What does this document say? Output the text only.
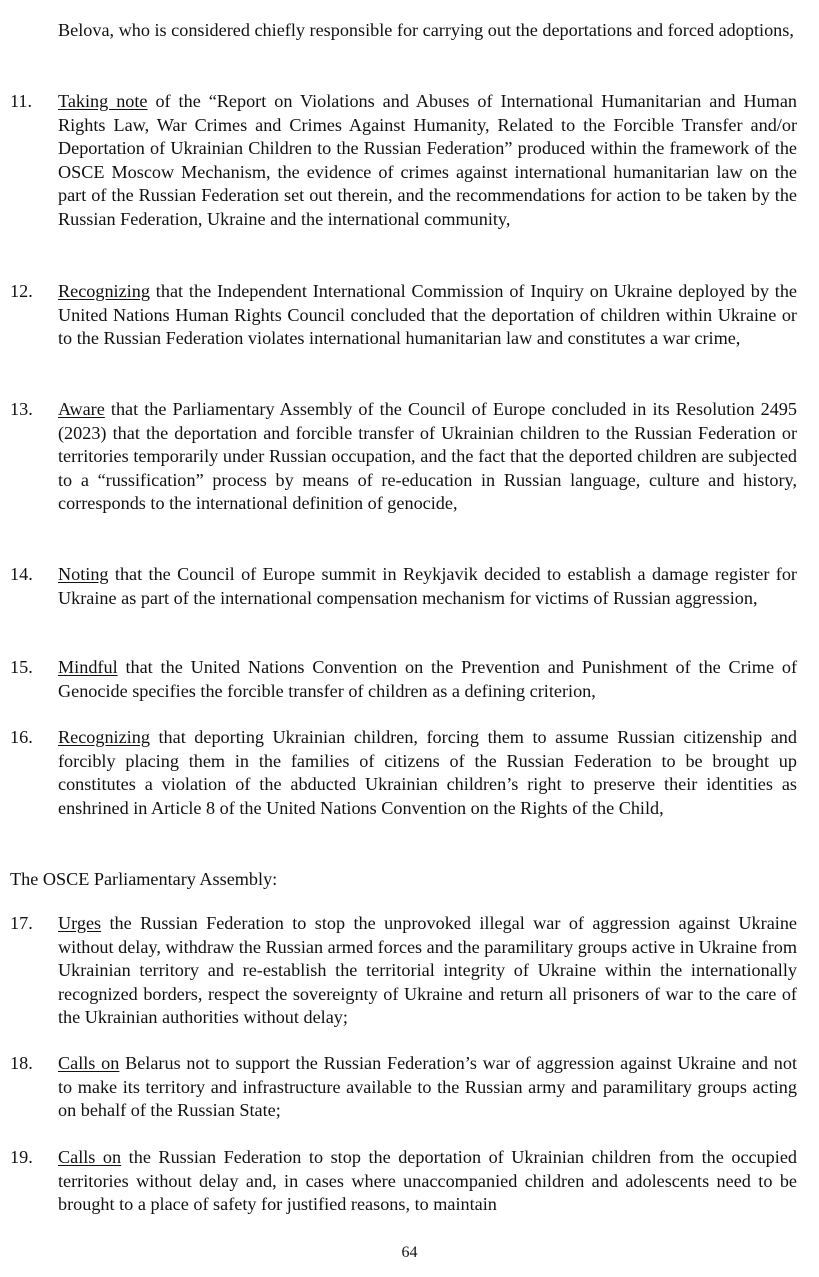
Belova, who is considered chiefly responsible for carrying out the deportations and forced adoptions,
11.	Taking note of the “Report on Violations and Abuses of International Humanitarian and Human Rights Law, War Crimes and Crimes Against Humanity, Related to the Forcible Transfer and/or Deportation of Ukrainian Children to the Russian Federation” produced within the framework of the OSCE Moscow Mechanism, the evidence of crimes against international humanitarian law on the part of the Russian Federation set out therein, and the recommendations for action to be taken by the Russian Federation, Ukraine and the international community,
12.	Recognizing that the Independent International Commission of Inquiry on Ukraine deployed by the United Nations Human Rights Council concluded that the deportation of children within Ukraine or to the Russian Federation violates international humanitarian law and constitutes a war crime,
13.	Aware that the Parliamentary Assembly of the Council of Europe concluded in its Resolution 2495 (2023) that the deportation and forcible transfer of Ukrainian children to the Russian Federation or territories temporarily under Russian occupation, and the fact that the deported children are subjected to a “russification” process by means of re-education in Russian language, culture and history, corresponds to the international definition of genocide,
14.	Noting that the Council of Europe summit in Reykjavik decided to establish a damage register for Ukraine as part of the international compensation mechanism for victims of Russian aggression,
15.	Mindful that the United Nations Convention on the Prevention and Punishment of the Crime of Genocide specifies the forcible transfer of children as a defining criterion,
16.	Recognizing that deporting Ukrainian children, forcing them to assume Russian citizenship and forcibly placing them in the families of citizens of the Russian Federation to be brought up constitutes a violation of the abducted Ukrainian children’s right to preserve their identities as enshrined in Article 8 of the United Nations Convention on the Rights of the Child,
The OSCE Parliamentary Assembly:
17.	Urges the Russian Federation to stop the unprovoked illegal war of aggression against Ukraine without delay, withdraw the Russian armed forces and the paramilitary groups active in Ukraine from Ukrainian territory and re-establish the territorial integrity of Ukraine within the internationally recognized borders, respect the sovereignty of Ukraine and return all prisoners of war to the care of the Ukrainian authorities without delay;
18.	Calls on Belarus not to support the Russian Federation’s war of aggression against Ukraine and not to make its territory and infrastructure available to the Russian army and paramilitary groups acting on behalf of the Russian State;
19.	Calls on the Russian Federation to stop the deportation of Ukrainian children from the occupied territories without delay and, in cases where unaccompanied children and adolescents need to be brought to a place of safety for justified reasons, to maintain
64
